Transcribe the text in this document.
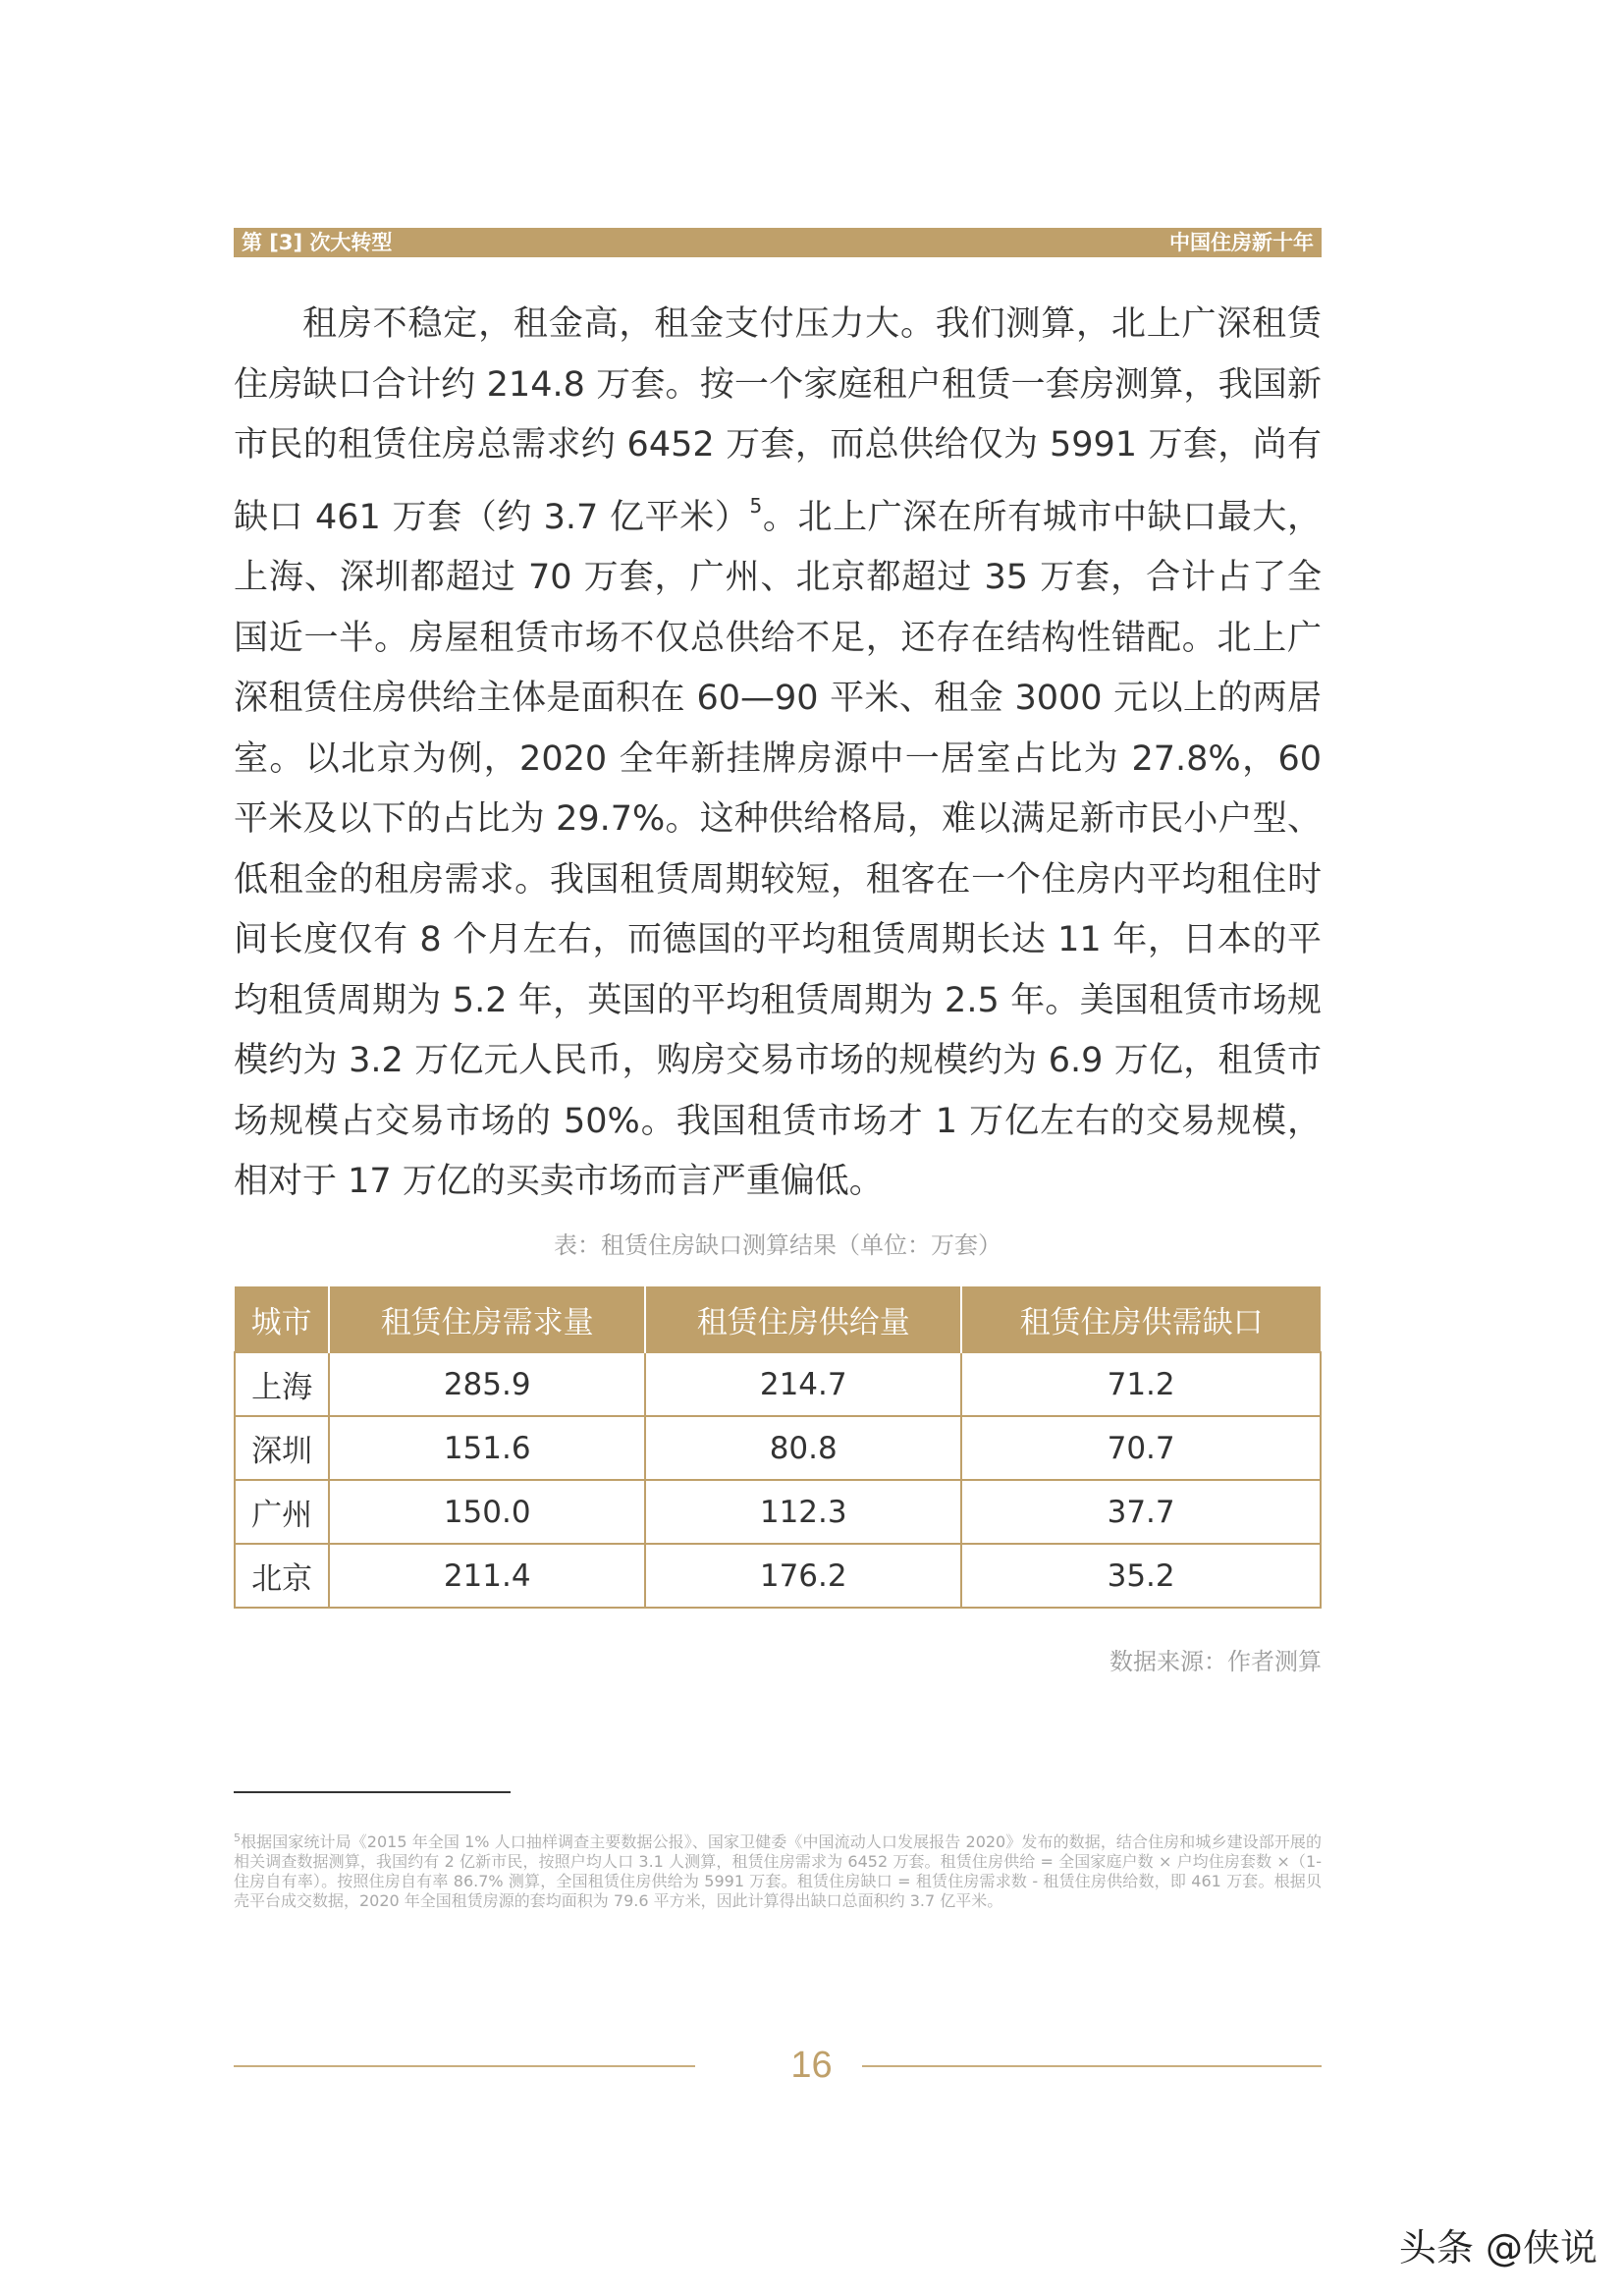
第 [3] 次大转型	中国住房新十年

租房不稳定，租金高，租金支付压力大。我们测算，北上广深租赁住房缺口合计约 214.8 万套。按一个家庭租户租赁一套房测算，我国新市民的租赁住房总需求约 6452 万套，而总供给仅为 5991 万套，尚有缺口 461 万套（约 3.7 亿平米）$^5$。北上广深在所有城市中缺口最大，上海、深圳都超过 70 万套，广州、北京都超过 35 万套，合计占了全国近一半。房屋租赁市场不仅总供给不足，还存在结构性错配。北上广深租赁住房供给主体是面积在 60—90 平米、租金 3000 元以上的两居室。以北京为例，2020 全年新挂牌房源中一居室占比为 27.8%，60 平米及以下的占比为 29.7%。这种供给格局，难以满足新市民小户型、低租金的租房需求。我国租赁周期较短，租客在一个住房内平均租住时间长度仅有 8 个月左右，而德国的平均租赁周期长达 11 年，日本的平均租赁周期为 5.2 年，英国的平均租赁周期为 2.5 年。美国租赁市场规模约为 3.2 万亿元人民币，购房交易市场的规模约为 6.9 万亿，租赁市场规模占交易市场的 50%。我国租赁市场才 1 万亿左右的交易规模，相对于 17 万亿的买卖市场而言严重偏低。

表：租赁住房缺口测算结果（单位：万套）
城市	租赁住房需求量	租赁住房供给量	租赁住房供需缺口
上海	285.9	214.7	71.2
深圳	151.6	80.8	70.7
广州	150.0	112.3	37.7
北京	211.4	176.2	35.2
数据来源：作者测算
$^5$根据国家统计局《2015 年全国 1% 人口抽样调查主要数据公报》、国家卫健委《中国流动人口发展报告 2020》发布的数据，结合住房和城乡建设部开展的相关调查数据测算，我国约有 2 亿新市民，按照户均人口 3.1 人测算，租赁住房需求为 6452 万套。租赁住房供给 = 全国家庭户数 × 户均住房套数 ×（1- 住房自有率）。按照住房自有率 86.7% 测算，全国租赁住房供给为 5991 万套。租赁住房缺口 = 租赁住房需求数 - 租赁住房供给数，即 461 万套。根据贝壳平台成交数据，2020 年全国租赁房源的套均面积为 79.6 平方米，因此计算得出缺口总面积约 3.7 亿平米。
16
头条 @侠说
